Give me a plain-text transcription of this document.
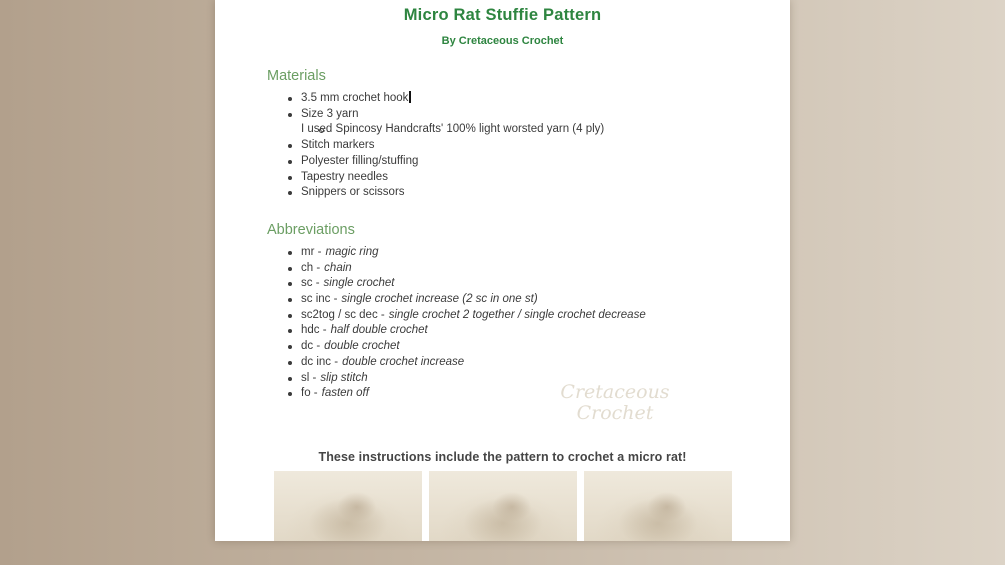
Micro Rat Stuffie Pattern
By Cretaceous Crochet
Materials
3.5 mm crochet hook
Size 3 yarn
I used Spincosy Handcrafts' 100% light worsted yarn (4 ply)
Stitch markers
Polyester filling/stuffing
Tapestry needles
Snippers or scissors
Abbreviations
mr - magic ring
ch - chain
sc - single crochet
sc inc - single crochet increase (2 sc in one st)
sc2tog / sc dec - single crochet 2 together / single crochet decrease
hdc - half double crochet
dc - double crochet
dc inc - double crochet increase
sl - slip stitch
fo - fasten off	Cretaceous
Crochet

These instructions include the pattern to crochet a micro rat!
